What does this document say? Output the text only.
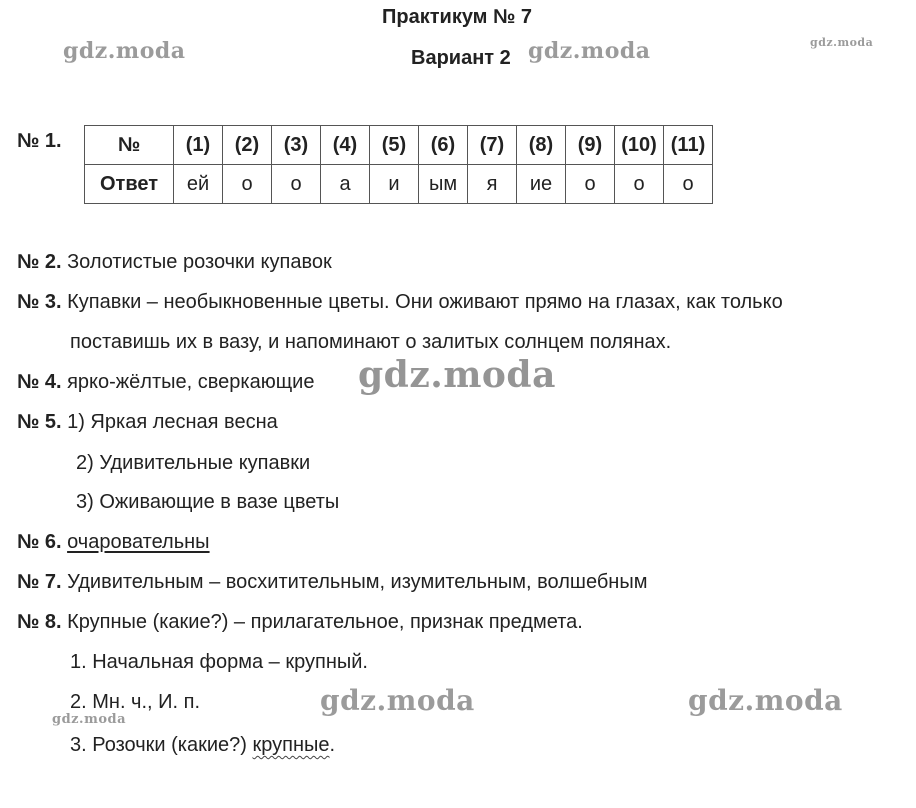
Практикум № 7
Вариант 2
№ 1.	№	(1)	(2)	(3)	(4)	(5)	(6)	(7)	(8)	(9)	(10)	(11)
Ответ	ей	о	о	а	и	ым	я	ие	о	о	о
№ 2. Золотистые розочки купавок
№ 3. Купавки – необыкновенные цветы. Они оживают прямо на глазах, как только
поставишь их в вазу, и напоминают о залитых солнцем полянах.
№ 4. ярко-жёлтые, сверкающие
№ 5. 1) Яркая лесная весна
2) Удивительные купавки
3) Оживающие в вазе цветы
№ 6. очаровательны
№ 7. Удивительным – восхитительным, изумительным, волшебным
№ 8. Крупные (какие?) – прилагательное, признак предмета.
1. Начальная форма – крупный.
2. Мн. ч., И. п.
3. Розочки (какие?) крупные.
gdz.moda	gdz.moda	gdz.moda
gdz.moda
gdz.moda	gdz.moda
gdz.moda
